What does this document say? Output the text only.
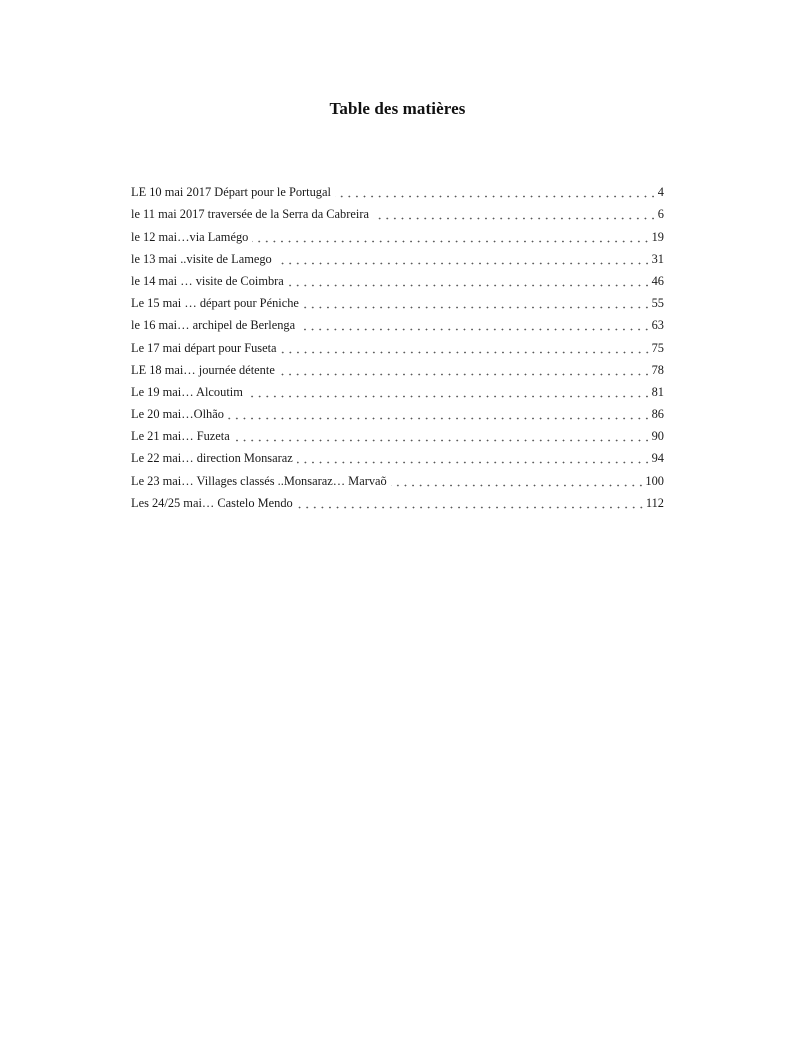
Table des matières
LE 10 mai 2017 Départ pour le Portugal	4
le 11 mai 2017 traversée de la Serra da Cabreira	6
le 12 mai…via Lamégo	19
le 13 mai ..visite de Lamego	31
le 14 mai … visite de Coimbra	46
Le 15 mai … départ pour Péniche	55
le 16 mai… archipel de Berlenga	63
Le 17 mai départ pour Fuseta	75
LE 18 mai… journée détente	78
Le 19 mai… Alcoutim	81
Le 20 mai…Olhão	86
Le 21 mai… Fuzeta	90
Le 22 mai… direction Monsaraz	94
Le 23 mai… Villages classés ..Monsaraz… Marvaõ	100
Les 24/25 mai… Castelo Mendo	112
